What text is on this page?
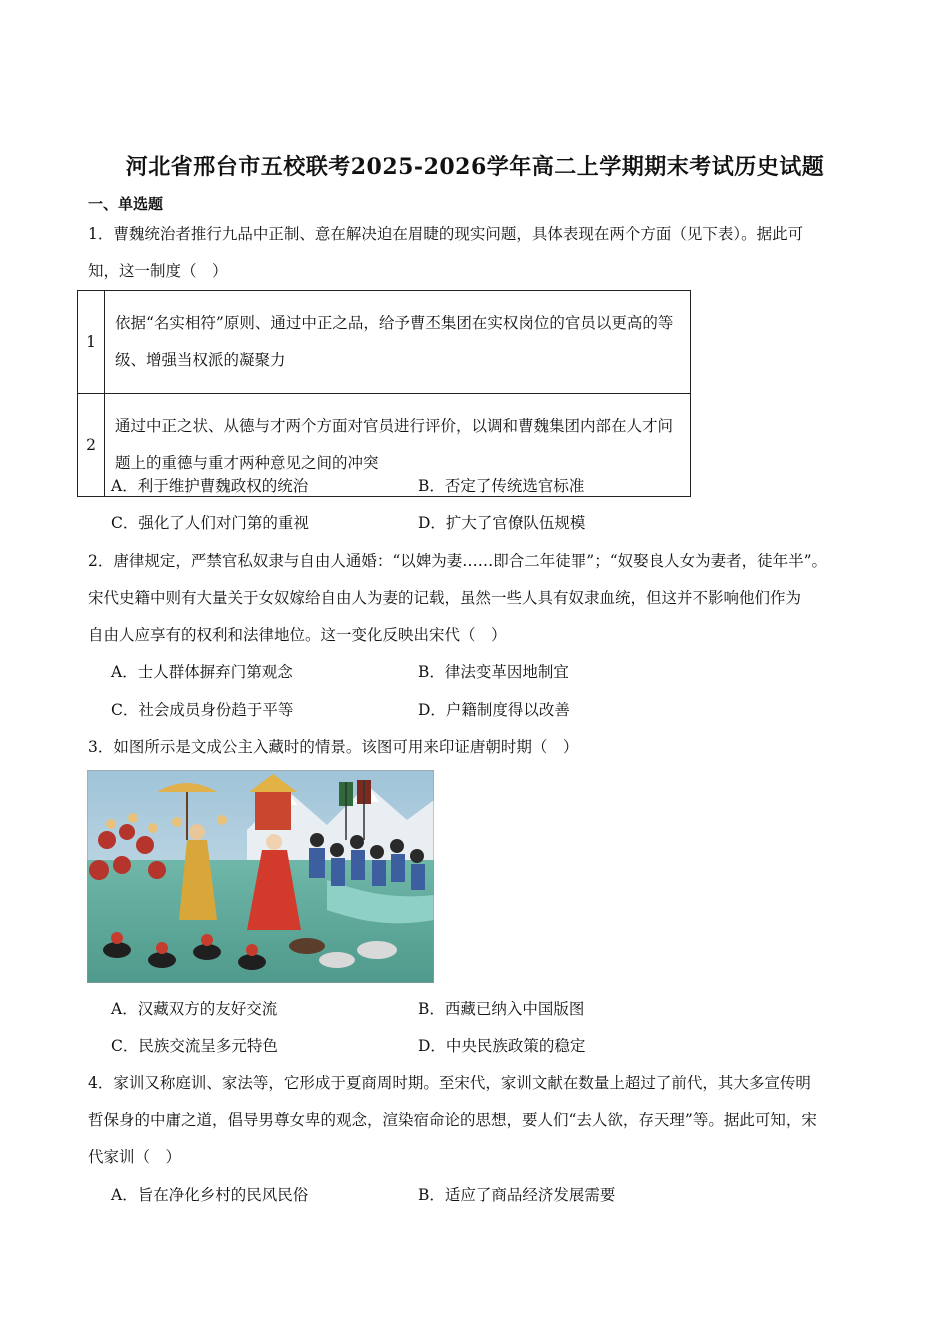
河北省邢台市五校联考2025-2026学年高二上学期期末考试历史试题
一、单选题
1．曹魏统治者推行九品中正制、意在解决迫在眉睫的现实问题，具体表现在两个方面（见下表）。据此可
知，这一制度（　）
1	依据“名实相符”原则、通过中正之品，给予曹丕集团在实权岗位的官员以更高的等级、增强当权派的凝聚力
2	通过中正之状、从德与才两个方面对官员进行评价，以调和曹魏集团内部在人才问题上的重德与重才两种意见之间的冲突
A．利于维护曹魏政权的统治	B．否定了传统选官标准
C．强化了人们对门第的重视	D．扩大了官僚队伍规模
2．唐律规定，严禁官私奴隶与自由人通婚：“以婢为妻……即合二年徒罪”；“奴娶良人女为妻者，徒年半”。
宋代史籍中则有大量关于女奴嫁给自由人为妻的记载，虽然一些人具有奴隶血统，但这并不影响他们作为
自由人应享有的权利和法律地位。这一变化反映出宋代（　）
A．士人群体摒弃门第观念	B．律法变革因地制宜
C．社会成员身份趋于平等	D．户籍制度得以改善
3．如图所示是文成公主入藏时的情景。该图可用来印证唐朝时期（　）
A．汉藏双方的友好交流	B．西藏已纳入中国版图
C．民族交流呈多元特色	D．中央民族政策的稳定
4．家训又称庭训、家法等，它形成于夏商周时期。至宋代，家训文献在数量上超过了前代，其大多宣传明
哲保身的中庸之道，倡导男尊女卑的观念，渲染宿命论的思想，要人们“去人欲，存天理”等。据此可知，宋
代家训（　）
A．旨在净化乡村的民风民俗	B．适应了商品经济发展需要
